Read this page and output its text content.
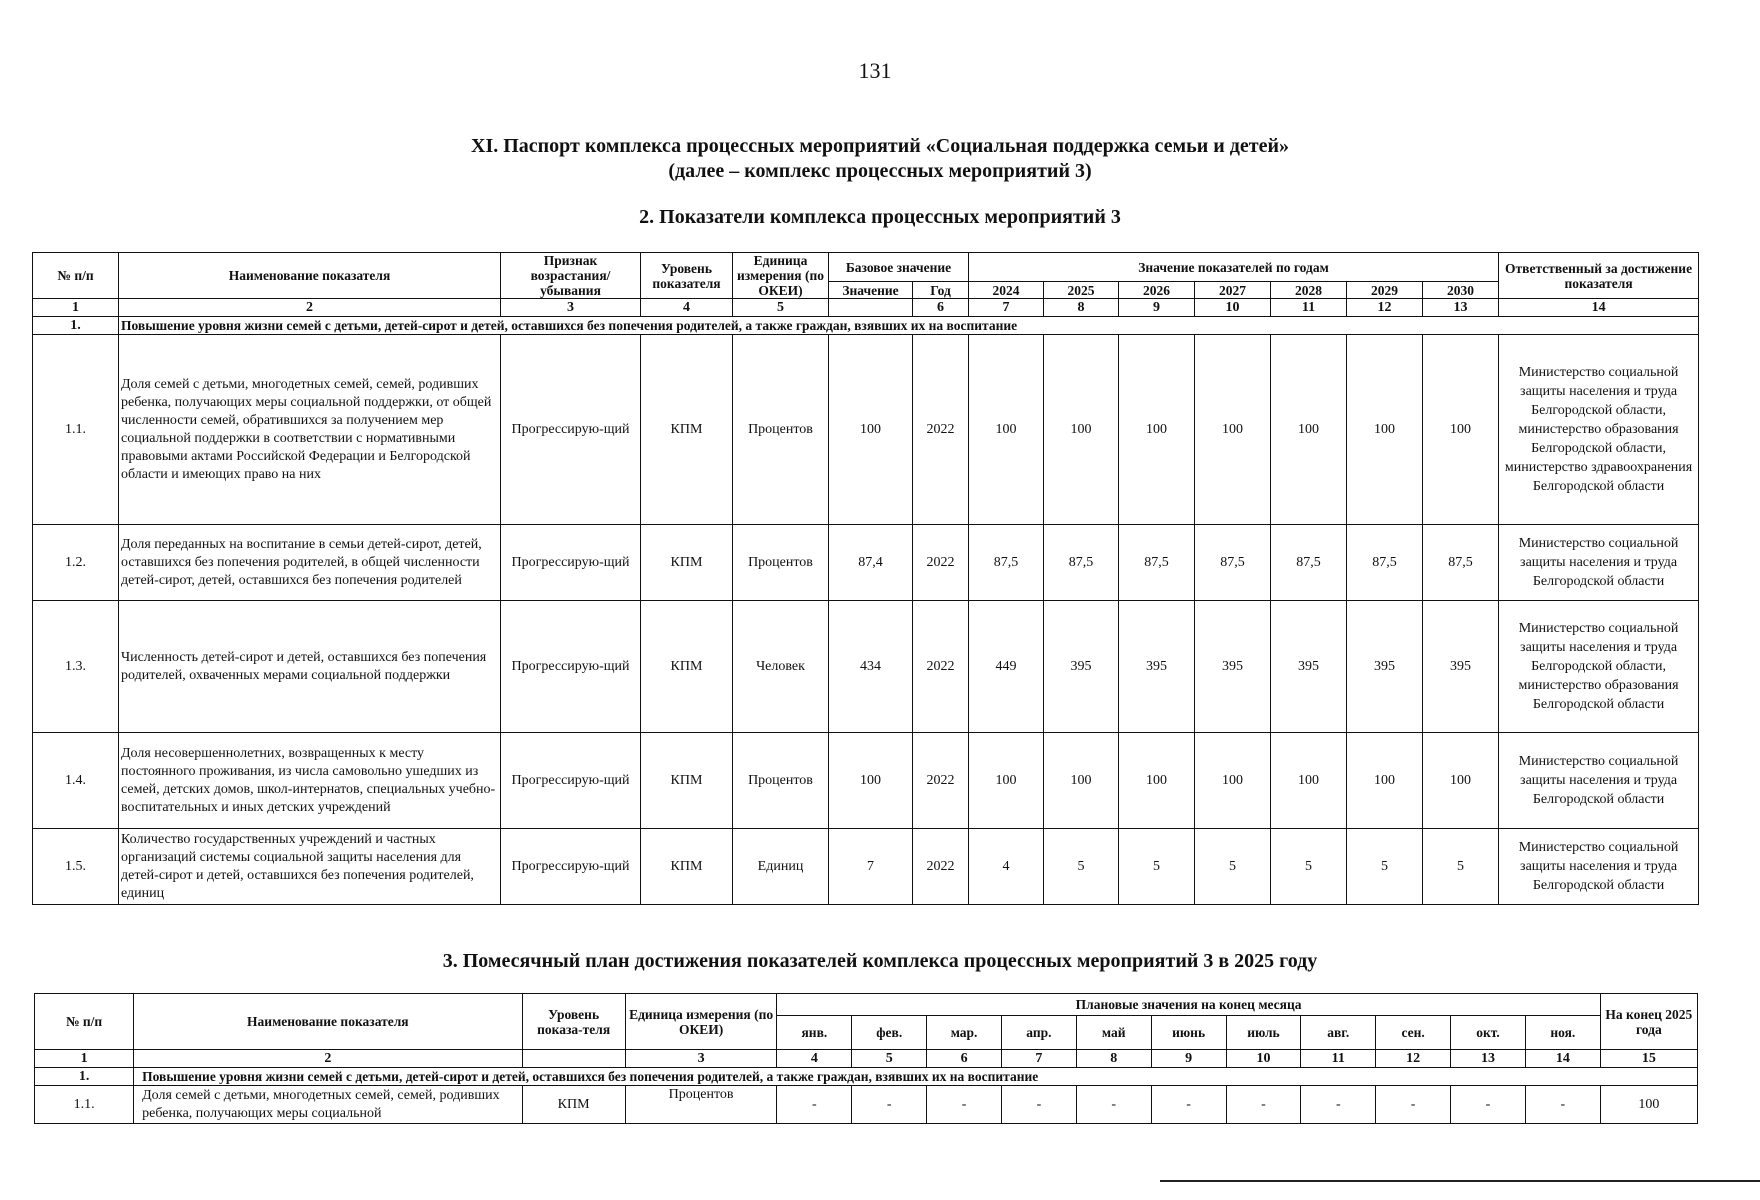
131
XI. Паспорт комплекса процессных мероприятий «Социальная поддержка семьи и детей»
(далее – комплекс процессных мероприятий 3)
2. Показатели комплекса процессных мероприятий 3
№ п/п	Наименование показателя	Признак возрастания/ убывания	Уровень показателя	Единица измерения (по ОКЕИ)	Базовое значение		Значение показателей по годам							Ответственный за достижение показателя
					Значение	Год	2024	2025	2026	2027	2028	2029	2030	
1	2	3	4	5		6	7	8	9	10	11	12	13	14
1.	Повышение уровня жизни семей с детьми, детей-сирот и детей, оставшихся без попечения родителей, а также граждан, взявших их на воспитание													
1.1.	Доля семей с детьми, многодетных семей, семей, родивших ребенка, получающих меры социальной поддержки, от общей численности семей, обратившихся за получением мер социальной поддержки в соответствии с нормативными правовыми актами Российской Федерации и Белгородской области и имеющих право на них	Прогрессирую-щий	КПМ	Процентов	100	2022	100	100	100	100	100	100	100	Министерство социальной защиты населения и труда Белгородской области, министерство образования Белгородской области, министерство здравоохранения Белгородской области
1.2.	Доля переданных на воспитание в семьи детей-сирот, детей, оставшихся без попечения родителей, в общей численности детей-сирот, детей, оставшихся без попечения родителей	Прогрессирую-щий	КПМ	Процентов	87,4	2022	87,5	87,5	87,5	87,5	87,5	87,5	87,5	Министерство социальной защиты населения и труда Белгородской области
1.3.	Численность детей-сирот и детей, оставшихся без попечения родителей, охваченных мерами социальной поддержки	Прогрессирую-щий	КПМ	Человек	434	2022	449	395	395	395	395	395	395	Министерство социальной защиты населения и труда Белгородской области, министерство образования Белгородской области
1.4.	Доля несовершеннолетних, возвращенных к месту постоянного проживания, из числа самовольно ушедших из семей, детских домов, школ-интернатов, специальных учебно-воспитательных и иных детских учреждений	Прогрессирую-щий	КПМ	Процентов	100	2022	100	100	100	100	100	100	100	Министерство социальной защиты населения и труда Белгородской области
1.5.	Количество государственных учреждений и частных организаций системы социальной защиты населения для детей-сирот и детей, оставшихся без попечения родителей, единиц	Прогрессирую-щий	КПМ	Единиц	7	2022	4	5	5	5	5	5	5	Министерство социальной защиты населения и труда Белгородской области
3. Помесячный план достижения показателей комплекса процессных мероприятий 3 в 2025 году
№ п/п	Наименование показателя	Уровень показа-теля	Единица измерения (по ОКЕИ)	Плановые значения на конец месяца											На конец 2025 года
				янв.	фев.	мар.	апр.	май	июнь	июль	авг.	сен.	окт.	ноя.	
1	2		3	4	5	6	7	8	9	10	11	12	13	14	15
1.	Повышение уровня жизни семей с детьми, детей-сирот и детей, оставшихся без попечения родителей, а также граждан, взявших их на воспитание														
1.1.	Доля семей с детьми, многодетных семей, семей, родивших ребенка, получающих меры социальной	КПМ	Процентов	-	-	-	-	-	-	-	-	-	-	-	100
